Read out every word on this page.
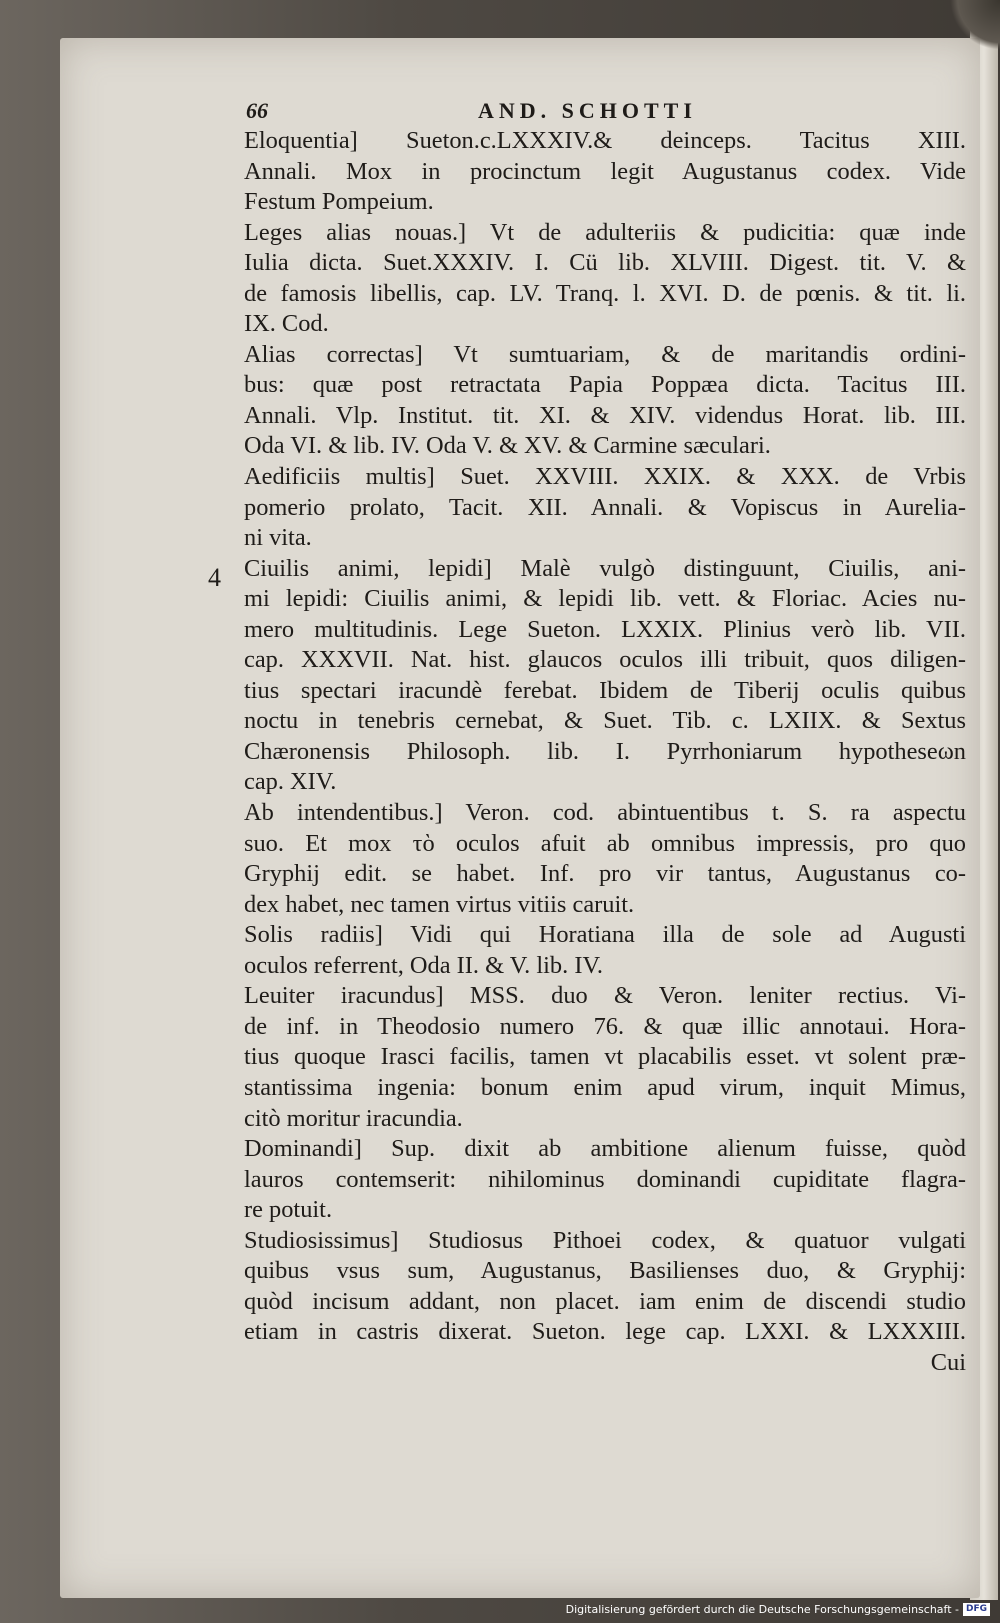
66	AND. SCHOTTI
4
Eloquentia] Sueton.c.LXXXIV.& deinceps. Tacitus XIII.
Annali. Mox in procinctum legit Augustanus codex. Vide
Festum Pompeium.
Leges alias nouas.] Vt de adulteriis & pudicitia: quæ inde
Iulia dicta. Suet.XXXIV. I. Cü lib. XLVIII. Digest. tit. V. &
de famosis libellis, cap. LV. Tranq. l. XVI. D. de pœnis. & tit. li.
IX. Cod.
Alias correctas] Vt sumtuariam, & de maritandis ordini-
bus: quæ post retractata Papia Poppæa dicta. Tacitus III.
Annali. Vlp. Institut. tit. XI. & XIV. videndus Horat. lib. III.
Oda VI. & lib. IV. Oda V. & XV. & Carmine sæculari.
Aedificiis multis] Suet. XXVIII. XXIX. & XXX. de Vrbis
pomerio prolato, Tacit. XII. Annali. & Vopiscus in Aurelia-
ni vita.
Ciuilis animi, lepidi] Malè vulgò distinguunt, Ciuilis, ani-
mi lepidi: Ciuilis animi, & lepidi lib. vett. & Floriac. Acies nu-
mero multitudinis. Lege Sueton. LXXIX. Plinius verò lib. VII.
cap. XXXVII. Nat. hist. glaucos oculos illi tribuit, quos diligen-
tius spectari iracundè ferebat. Ibidem de Tiberij oculis quibus
noctu in tenebris cernebat, & Suet. Tib. c. LXIIX. & Sextus
Chæronensis Philosoph. lib. I. Pyrrhoniarum hypotheseωn
cap. XIV.
Ab intendentibus.] Veron. cod. abintuentibus t. S. ra aspectu
suo. Et mox τὸ oculos afuit ab omnibus impressis, pro quo
Gryphij edit. se habet. Inf. pro vir tantus, Augustanus co-
dex habet, nec tamen virtus vitiis caruit.
Solis radiis] Vidi qui Horatiana illa de sole ad Augusti
oculos referrent, Oda II. & V. lib. IV.
Leuiter iracundus] MSS. duo & Veron. leniter rectius. Vi-
de inf. in Theodosio numero 76. & quæ illic annotaui. Hora-
tius quoque Irasci facilis, tamen vt placabilis esset. vt solent præ-
stantissima ingenia: bonum enim apud virum, inquit Mimus,
citò moritur iracundia.
Dominandi] Sup. dixit ab ambitione alienum fuisse, quòd
lauros contemserit: nihilominus dominandi cupiditate flagra-
re potuit.
Studiosissimus] Studiosus Pithoei codex, & quatuor vulgati
quibus vsus sum, Augustanus, Basilienses duo, & Gryphij:
quòd incisum addant, non placet. iam enim de discendi studio
etiam in castris dixerat. Sueton. lege cap. LXXI. & LXXXIII.
Cui
Digitalisierung gefördert durch die Deutsche Forschungsgemeinschaft - DFG
